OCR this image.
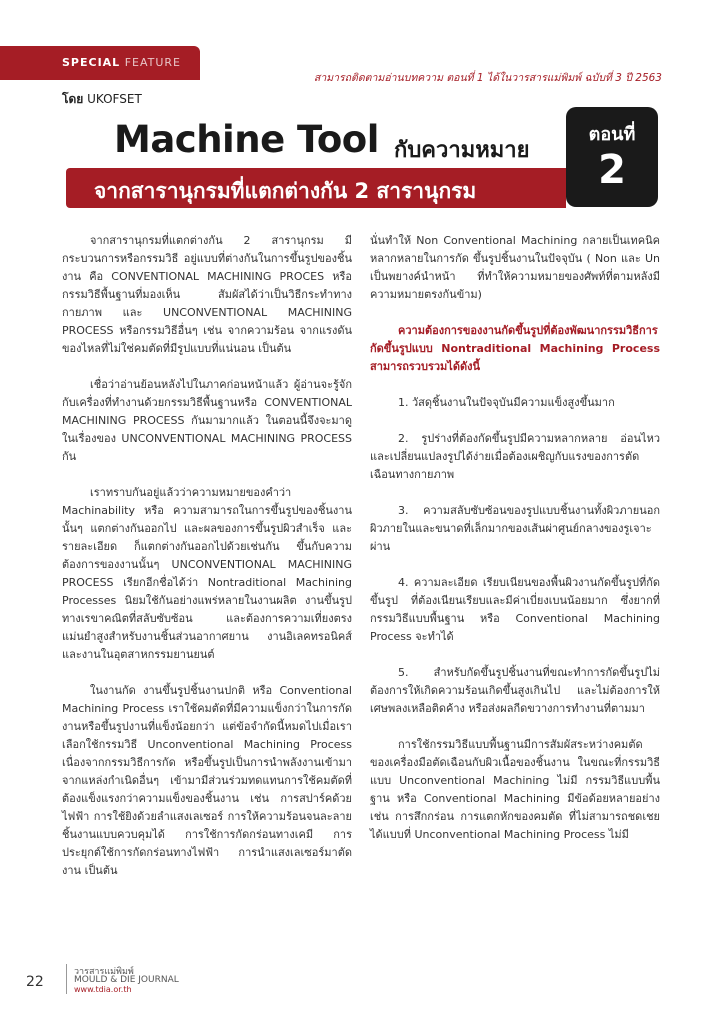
SPECIAL FEATURE
สามารถติดตามอ่านบทความ ตอนที่ 1 ได้ในวารสารแม่พิมพ์ ฉบับที่ 3 ปี 2563
โดย UKOFSET
Machine Tool กับความหมาย
จากสารานุกรมที่แตกต่างกัน 2 สารานุกรม
ตอนที่
2

จากสารานุกรมที่แตกต่างกัน 2 สารานุกรม มีกระบวนการหรือกรรมวิธี อยู่แบบที่ต่างกันในการขึ้นรูปของชิ้นงาน คือ CONVENTIONAL MACHINING PROCES หรือกรรมวิธีพื้นฐานที่มองเห็น สัมผัสได้ว่าเป็นวิธีกระทำทางกายภาพ และ UNCONVENTIONAL MACHINING PROCESS หรือกรรมวิธีอื่นๆ เช่น จากความร้อน จากแรงดันของไหลที่ไม่ใช่คมตัดที่มีรูปแบบที่แน่นอน เป็นต้น

เชื่อว่าอ่านย้อนหลังไปในภาคก่อนหน้าแล้ว ผู้อ่านจะรู้จักกับเครื่องที่ทำงานด้วยกรรมวิธีพื้นฐานหรือ CONVENTIONAL MACHINING PROCESS กันมามากแล้ว ในตอนนี้จึงจะมาดูในเรื่องของ UNCONVENTIONAL MACHINING PROCESS กัน

เราทราบกันอยู่แล้วว่าความหมายของคำว่า Machinability หรือ ความสามารถในการขึ้นรูปของชิ้นงานนั้นๆ แตกต่างกันออกไป และผลของการขึ้นรูปผิวสำเร็จ และรายละเอียด ก็แตกต่างกันออกไปด้วยเช่นกัน ขึ้นกับความต้องการของงานนั้นๆ UNCONVENTIONAL MACHINING PROCESS เรียกอีกชื่อได้ว่า Nontraditional Machining Processes นิยมใช้กันอย่างแพร่หลายในงานผลิต งานขึ้นรูปทางเรขาคณิตที่สลับซับซ้อน และต้องการความเที่ยงตรงแม่นยำสูงสำหรับงานชิ้นส่วนอากาศยาน งานอิเลคทรอนิคส์ และงานในอุตสาหกรรมยานยนต์

ในงานกัด งานขึ้นรูปชิ้นงานปกติ หรือ Conventional Machining Process เราใช้คมตัดที่มีความแข็งกว่าในการกัดงานหรือขึ้นรูปงานที่แข็งน้อยกว่า แต่ข้อจำกัดนี้หมดไปเมื่อเราเลือกใช้กรรมวิธี Unconventional Machining Process เนื่องจากกรรมวิธีการกัด หรือขึ้นรูปเป็นการนำพลังงานเข้ามาจากแหล่งกำเนิดอื่นๆ เข้ามามีส่วนร่วมทดแทนการใช้คมตัดที่ต้องแข็งแรงกว่าความแข็งของชิ้นงาน เช่น การสปาร์คด้วยไฟฟ้า การใช้ยิงด้วยลำแสงเลเซอร์ การให้ความร้อนจนละลายชิ้นงานแบบควบคุมได้ การใช้การกัดกร่อนทางเคมี การประยุกต์ใช้การกัดกร่อนทางไฟฟ้า การนำแสงเลเซอร์มาตัดงาน เป็นต้น

นั่นทำให้ Non Conventional Machining กลายเป็นเทคนิคหลากหลายในการกัด ขึ้นรูปชิ้นงานในปัจจุบัน ( Non และ Un เป็นพยางค์นำหน้า ที่ทำให้ความหมายของศัพท์ที่ตามหลังมีความหมายตรงกันข้าม)

ความต้องการของงานกัดขึ้นรูปที่ต้องพัฒนากรรมวิธีการกัดขึ้นรูปแบบ Nontraditional Machining Process สามารถรวบรวมได้ดังนี้

1. วัสดุชิ้นงานในปัจจุบันมีความแข็งสูงขึ้นมาก

2. รูปร่างที่ต้องกัดขึ้นรูปมีความหลากหลาย อ่อนไหวและเปลี่ยนแปลงรูปได้ง่ายเมื่อต้องเผชิญกับแรงของการตัดเฉือนทางกายภาพ

3. ความสลับซับซ้อนของรูปแบบชิ้นงานทั้งผิวภายนอกผิวภายในและขนาดที่เล็กมากของเส้นผ่าศูนย์กลางของรูเจาะผ่าน

4. ความละเอียด เรียบเนียนของพื้นผิวงานกัดขึ้นรูปที่กัดขึ้นรูป ที่ต้องเนียนเรียบและมีค่าเบี่ยงเบนน้อยมาก ซึ่งยากที่กรรมวิธีแบบพื้นฐาน หรือ Conventional Machining Process จะทำได้

5. สำหรับกัดขึ้นรูปชิ้นงานที่ขณะทำการกัดขึ้นรูปไม่ต้องการให้เกิดความร้อนเกิดขึ้นสูงเกินไป และไม่ต้องการให้เศษพลงเหลือติดค้าง หรือส่งผลกีดขวางการทำงานที่ตามมา

การใช้กรรมวิธีแบบพื้นฐานมีการสัมผัสระหว่างคมตัดของเครื่องมือตัดเฉือนกับผิวเนื้อของชิ้นงาน ในขณะที่กรรมวิธีแบบ Unconventional Machining ไม่มี กรรมวิธีแบบพื้นฐาน หรือ Conventional Machining มีข้อด้อยหลายอย่าง เช่น การสึกกร่อน การแตกหักของคมตัด ที่ไม่สามารถชดเชยได้แบบที่ Unconventional Machining Process ไม่มี

22
วารสารแม่พิมพ์
MOULD & DIE JOURNAL
www.tdia.or.th
